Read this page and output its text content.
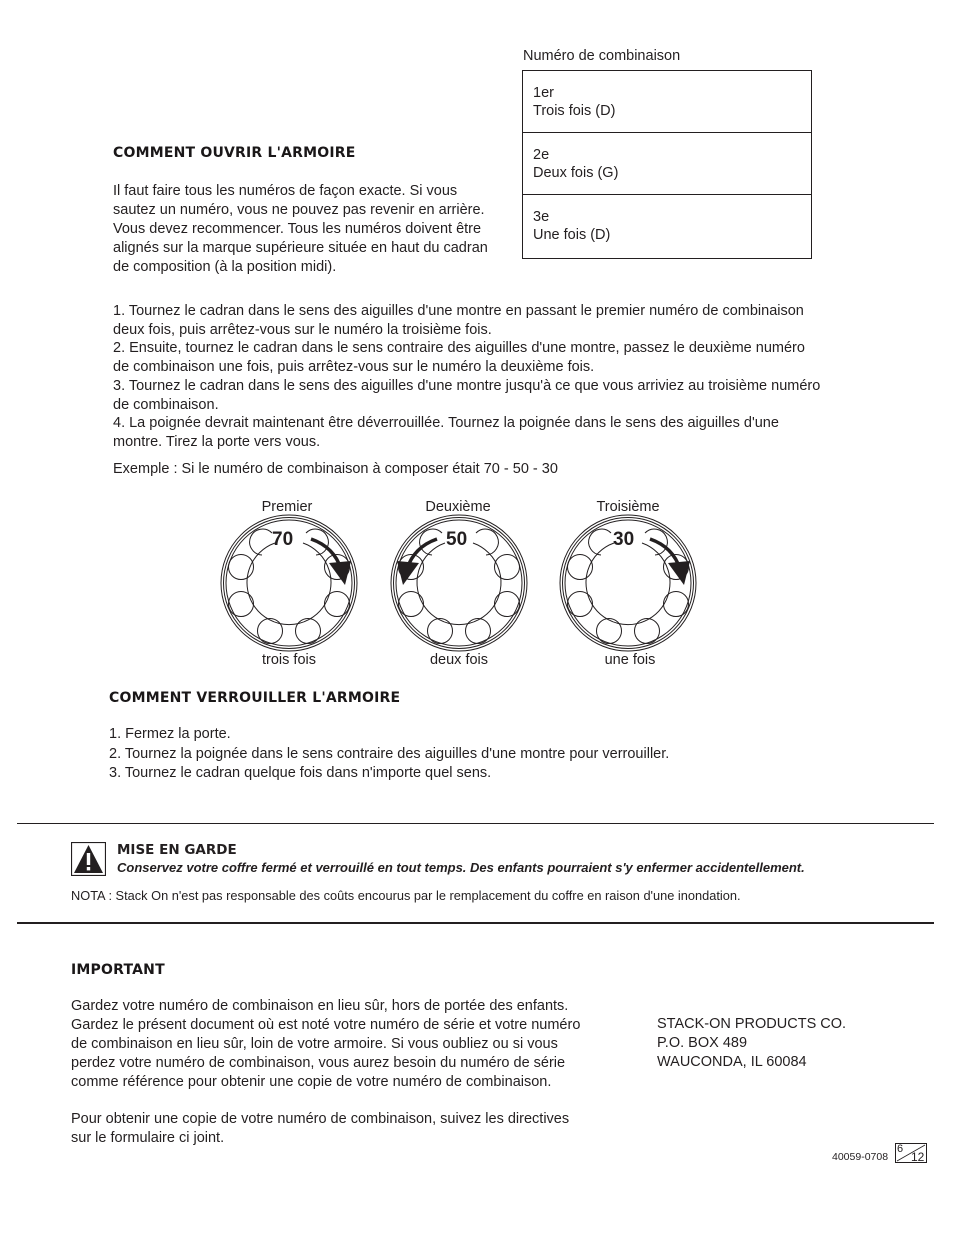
Numéro de combinaison
1er
Trois fois (D)
2e
Deux fois (G)
3e
Une fois (D)
COMMENT OUVRIR L'ARMOIRE
Il faut faire tous les numéros de façon exacte. Si vous sautez un numéro, vous ne pouvez pas revenir en arrière. Vous devez recommencer. Tous les numéros doivent être alignés sur la marque supérieure située en haut du cadran de composition (à la position midi).
1. Tournez le cadran dans le sens des aiguilles d'une montre en passant le premier numéro de combinaison deux fois, puis arrêtez-vous sur le numéro la troisième fois.
2. Ensuite, tournez le cadran dans le sens contraire des aiguilles d'une montre, passez le deuxième numéro de combinaison une fois, puis arrêtez-vous sur le numéro la deuxième fois.
3. Tournez le cadran dans le sens des aiguilles d'une montre jusqu'à ce que vous arriviez au troisième numéro de combinaison.
4. La poignée devrait maintenant être déverrouillée. Tournez la poignée dans le sens des aiguilles d'une montre. Tirez la porte vers vous.
Exemple : Si le numéro de combinaison à composer était 70 - 50 - 30
Premier	Deuxième	Troisième
70	50	30
trois fois	deux fois	une fois
COMMENT VERROUILLER L'ARMOIRE
1. Fermez la porte.
2. Tournez la poignée dans le sens contraire des aiguilles d'une montre pour verrouiller.
3. Tournez le cadran quelque fois dans n'importe quel sens.
MISE EN GARDE
Conservez votre coffre fermé et verrouillé en tout temps. Des enfants pourraient s'y enfermer accidentellement.
NOTA : Stack On n'est pas responsable des coûts encourus par le remplacement du coffre en raison d'une inondation.
IMPORTANT
Gardez votre numéro de combinaison en lieu sûr, hors de portée des enfants. Gardez le présent document où est noté votre numéro de série et votre numéro de combinaison en lieu sûr, loin de votre armoire. Si vous oubliez ou si vous perdez votre numéro de combinaison, vous aurez besoin du numéro de série comme référence pour obtenir une copie de votre numéro de combinaison.
Pour obtenir une copie de votre numéro de combinaison, suivez les directives sur le formulaire ci joint.
STACK-ON PRODUCTS CO.
P.O. BOX 489
WAUCONDA, IL 60084
40059-0708
6
12
